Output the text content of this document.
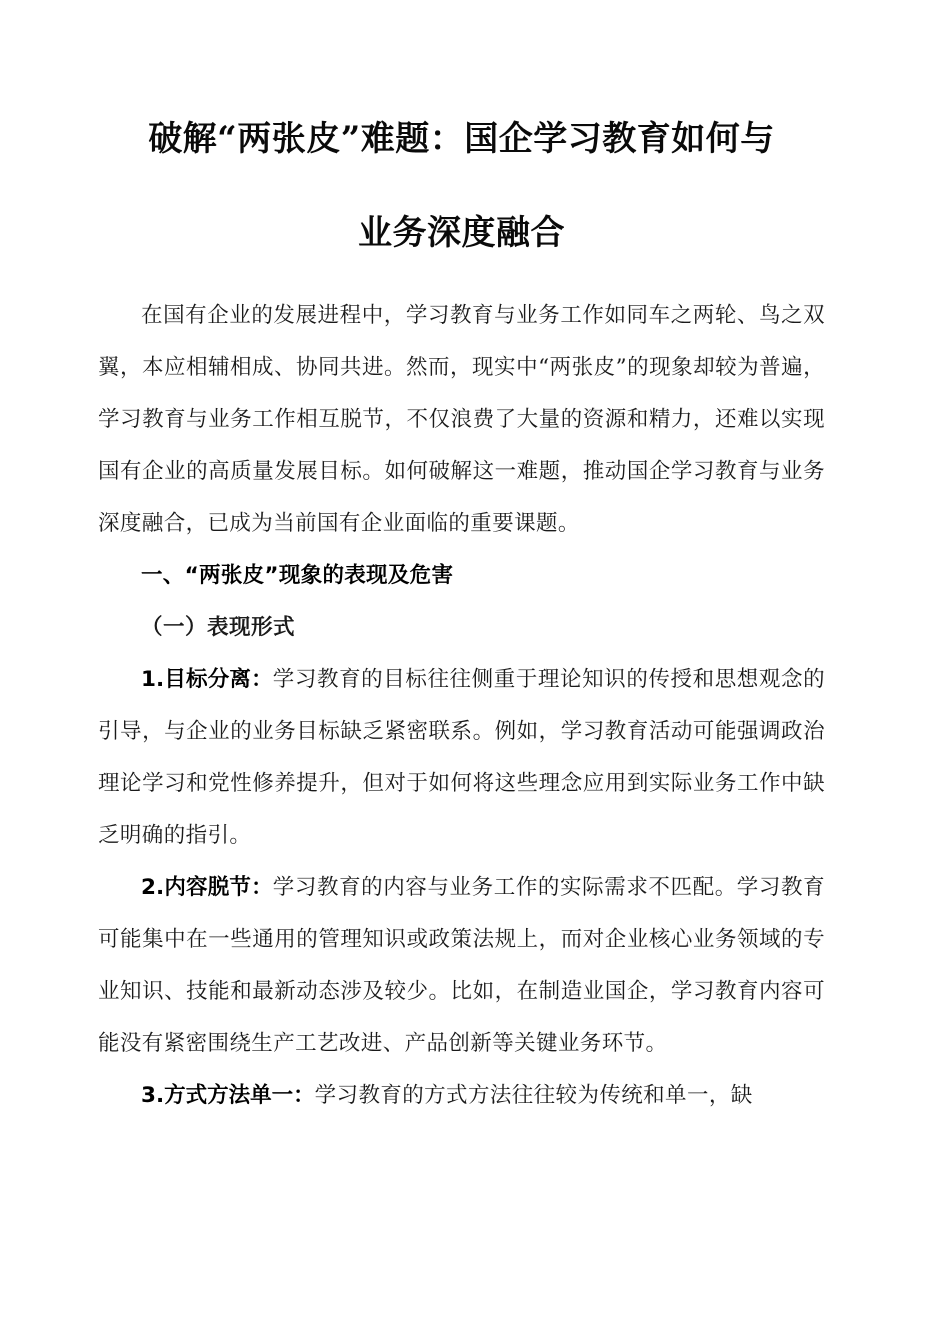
破解“两张皮”难题：国企学习教育如何与
业务深度融合

在国有企业的发展进程中，学习教育与业务工作如同车之两轮、鸟之双翼，本应相辅相成、协同共进。然而，现实中“两张皮”的现象却较为普遍，学习教育与业务工作相互脱节，不仅浪费了大量的资源和精力，还难以实现国有企业的高质量发展目标。如何破解这一难题，推动国企学习教育与业务深度融合，已成为当前国有企业面临的重要课题。

一、“两张皮”现象的表现及危害
（一）表现形式

1.目标分离：学习教育的目标往往侧重于理论知识的传授和思想观念的引导，与企业的业务目标缺乏紧密联系。例如，学习教育活动可能强调政治理论学习和党性修养提升，但对于如何将这些理念应用到实际业务工作中缺乏明确的指引。

2.内容脱节：学习教育的内容与业务工作的实际需求不匹配。学习教育可能集中在一些通用的管理知识或政策法规上，而对企业核心业务领域的专业知识、技能和最新动态涉及较少。比如，在制造业国企，学习教育内容可能没有紧密围绕生产工艺改进、产品创新等关键业务环节。

3.方式方法单一：学习教育的方式方法往往较为传统和单一，缺
